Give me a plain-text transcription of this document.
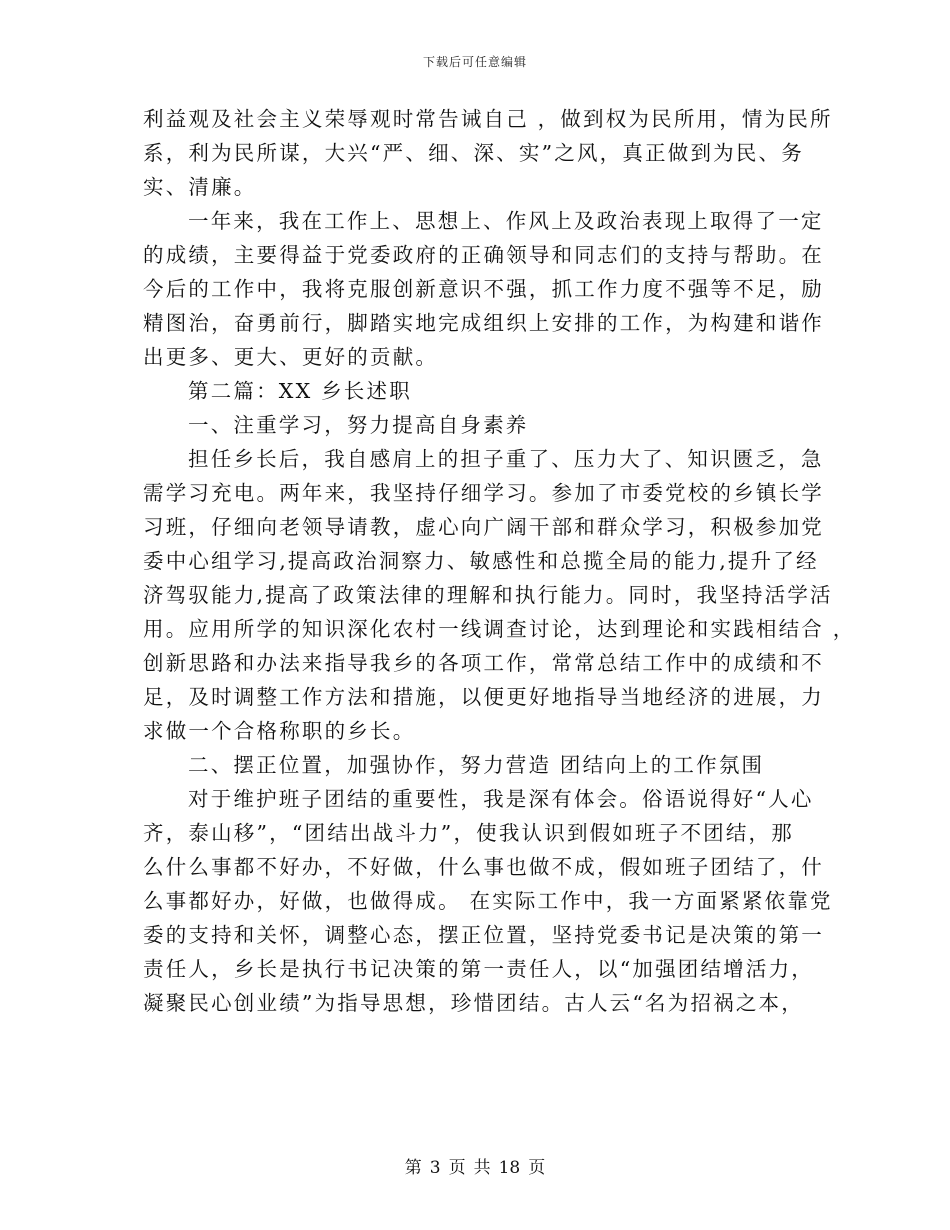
下载后可任意编辑
利益观及社会主义荣辱观时常告诫自己 ，做到权为民所用，情为民所
系，利为民所谋，大兴“严、细、深、实”之风，真正做到为民、务
实、清廉。
一年来，我在工作上、思想上、作风上及政治表现上取得了一定
的成绩，主要得益于党委政府的正确领导和同志们的支持与帮助。在
今后的工作中，我将克服创新意识不强，抓工作力度不强等不足，励
精图治，奋勇前行，脚踏实地完成组织上安排的工作，为构建和谐作
出更多、更大、更好的贡献。
第二篇：XX 乡长述职
一、注重学习，努力提高自身素养
担任乡长后，我自感肩上的担子重了、压力大了、知识匮乏，急
需学习充电。两年来，我坚持仔细学习。参加了市委党校的乡镇长学
习班，仔细向老领导请教，虚心向广阔干部和群众学习，积极参加党
委中心组学习,提高政治洞察力、敏感性和总揽全局的能力,提升了经
济驾驭能力,提高了政策法律的理解和执行能力。同时，我坚持活学活
用。应用所学的知识深化农村一线调查讨论，达到理论和实践相结合 ，
创新思路和办法来指导我乡的各项工作，常常总结工作中的成绩和不
足，及时调整工作方法和措施，以便更好地指导当地经济的进展，力
求做一个合格称职的乡长。
二、摆正位置，加强协作，努力营造 团结向上的工作氛围
对于维护班子团结的重要性，我是深有体会。俗语说得好“人心
齐，泰山移”，“团结出战斗力”，使我认识到假如班子不团结，那
么什么事都不好办，不好做，什么事也做不成，假如班子团结了，什
么事都好办，好做，也做得成。 在实际工作中，我一方面紧紧依靠党
委的支持和关怀，调整心态，摆正位置，坚持党委书记是决策的第一
责任人，乡长是执行书记决策的第一责任人，以“加强团结增活力，
凝聚民心创业绩”为指导思想，珍惜团结。古人云“名为招祸之本，
第 3 页 共 18 页
